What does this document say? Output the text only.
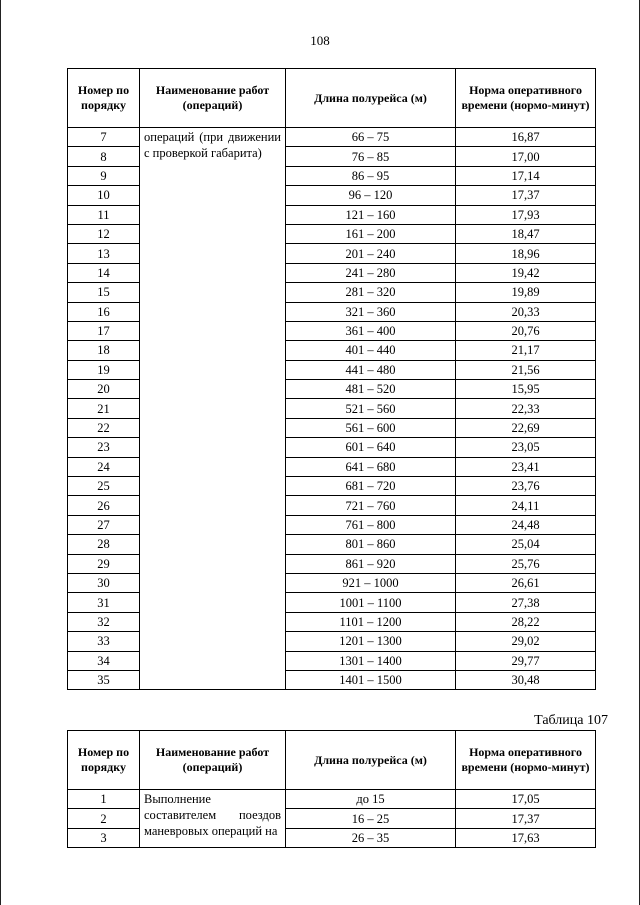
108
Номер по порядку	Наименование работ (операций)	Длина полурейса (м)	Норма оперативного времени (нормо-минут)
7	операций (при движении с проверкой габарита)	66 – 75	16,87
8		76 – 85	17,00
9		86 – 95	17,14
10		96 – 120	17,37
11		121 – 160	17,93
12		161 – 200	18,47
13		201 – 240	18,96
14		241 – 280	19,42
15		281 – 320	19,89
16		321 – 360	20,33
17		361 – 400	20,76
18		401 – 440	21,17
19		441 – 480	21,56
20		481 – 520	15,95
21		521 – 560	22,33
22		561 – 600	22,69
23		601 – 640	23,05
24		641 – 680	23,41
25		681 – 720	23,76
26		721 – 760	24,11
27		761 – 800	24,48
28		801 – 860	25,04
29		861 – 920	25,76
30		921 – 1000	26,61
31		1001 – 1100	27,38
32		1101 – 1200	28,22
33		1201 – 1300	29,02
34		1301 – 1400	29,77
35		1401 – 1500	30,48
Таблица 107
Номер по порядку	Наименование работ (операций)	Длина полурейса (м)	Норма оперативного времени (нормо-минут)
1	Выполнение составителем поездов маневровых операций на	до 15	17,05
2		16 – 25	17,37
3		26 – 35	17,63
